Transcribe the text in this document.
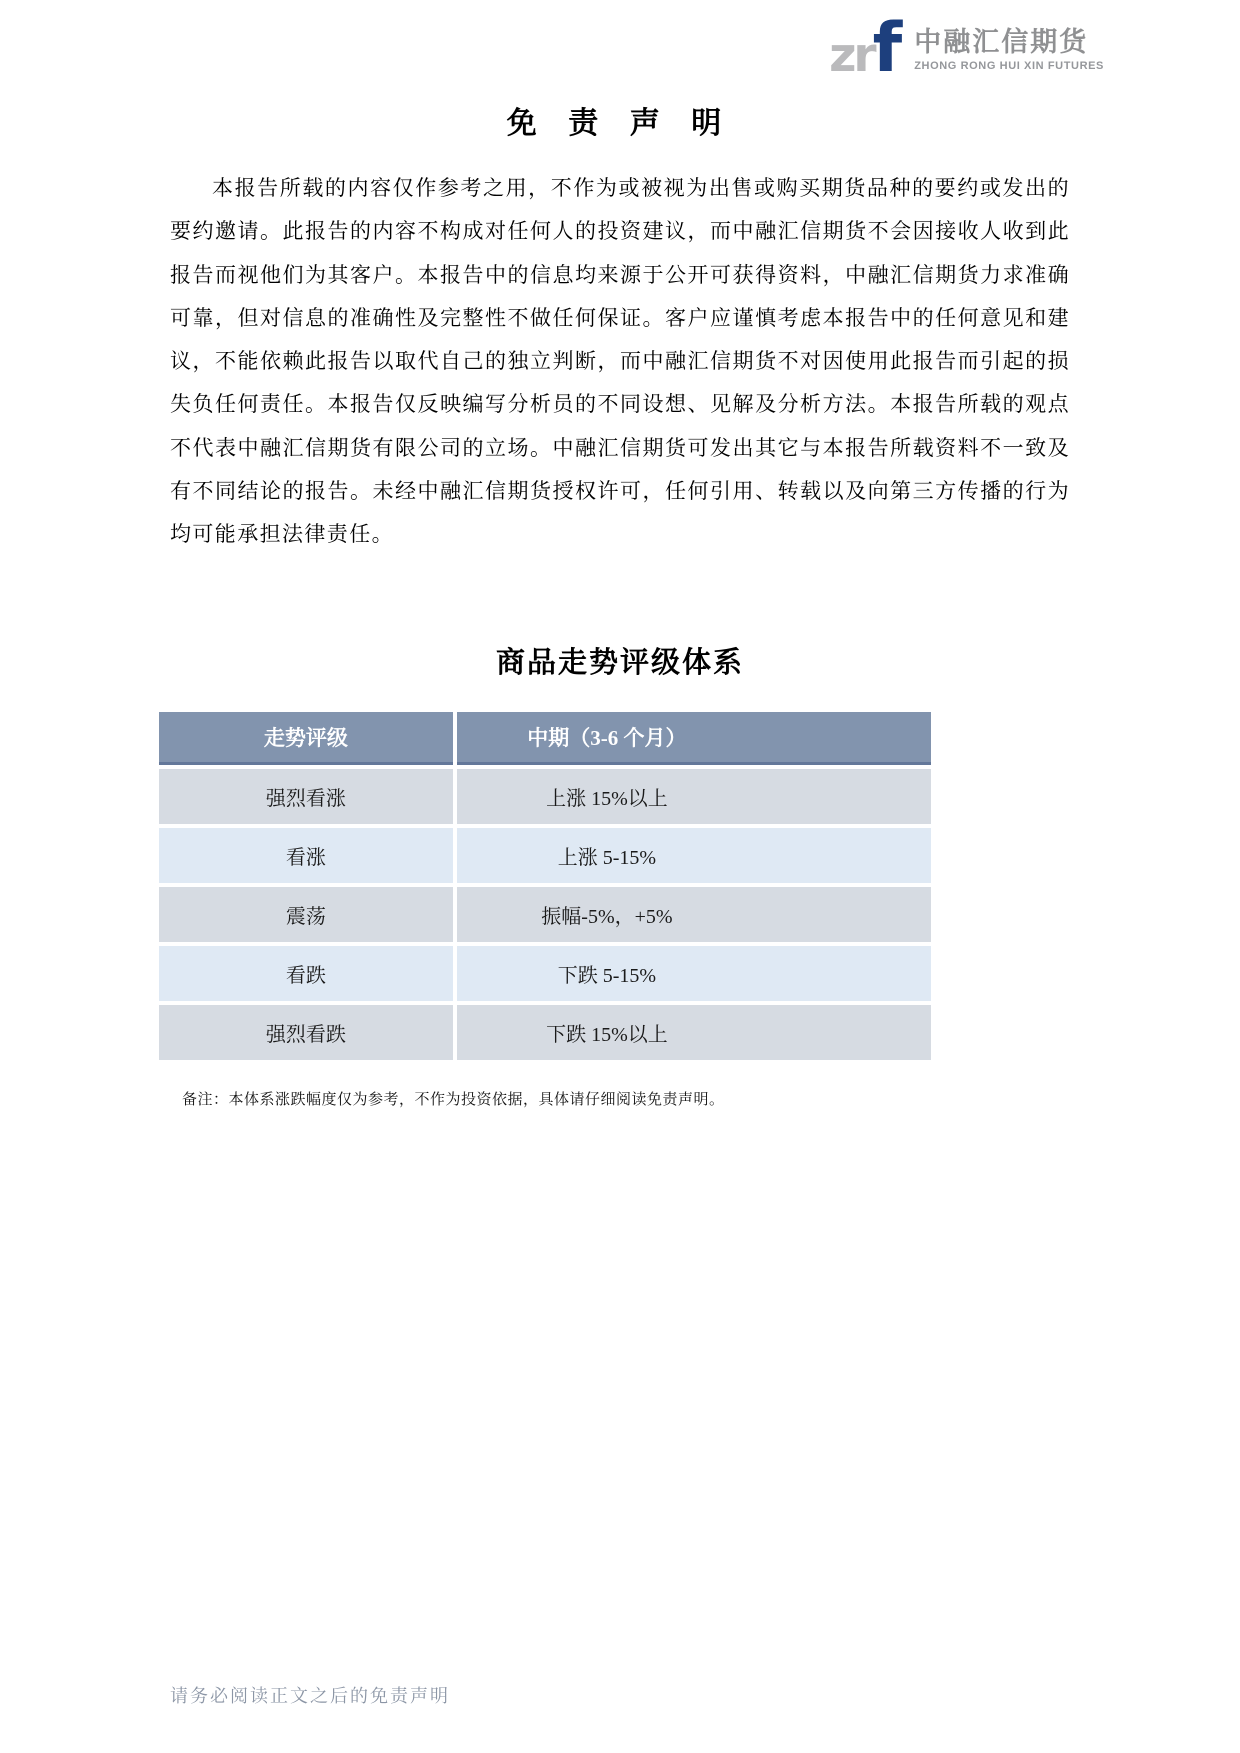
zrf 中融汇信期货
ZHONG RONG HUI XIN FUTURES
免 责 声 明

本报告所载的内容仅作参考之用，不作为或被视为出售或购买期货品种的要约或发出的要约邀请。此报告的内容不构成对任何人的投资建议，而中融汇信期货不会因接收人收到此报告而视他们为其客户。本报告中的信息均来源于公开可获得资料，中融汇信期货力求准确可靠，但对信息的准确性及完整性不做任何保证。客户应谨慎考虑本报告中的任何意见和建议，不能依赖此报告以取代自己的独立判断，而中融汇信期货不对因使用此报告而引起的损失负任何责任。本报告仅反映编写分析员的不同设想、见解及分析方法。本报告所载的观点不代表中融汇信期货有限公司的立场。中融汇信期货可发出其它与本报告所载资料不一致及有不同结论的报告。未经中融汇信期货授权许可，任何引用、转载以及向第三方传播的行为均可能承担法律责任。

商品走势评级体系
走势评级	中期（3-6 个月）
强烈看涨	上涨 15%以上
看涨	上涨 5-15%
震荡	振幅-5%，+5%
看跌	下跌 5-15%
强烈看跌	下跌 15%以上
备注：本体系涨跌幅度仅为参考，不作为投资依据，具体请仔细阅读免责声明。
请务必阅读正文之后的免责声明
